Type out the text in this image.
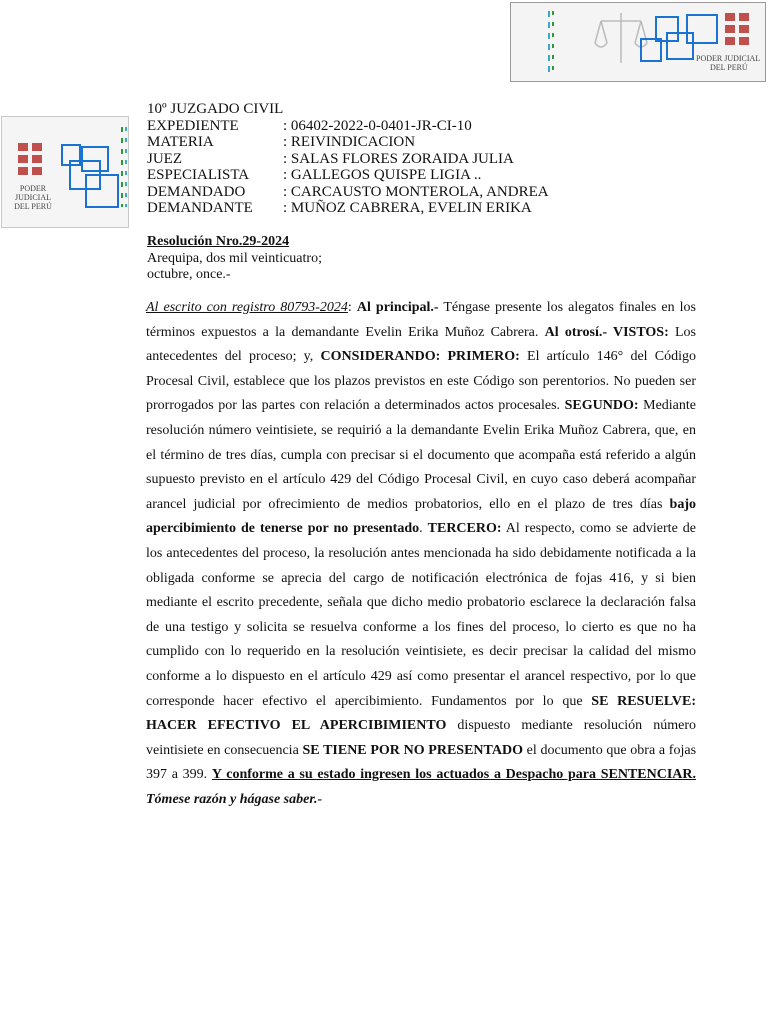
PODER JUDICIAL
DEL PERÚ
PODER JUDICIAL
DEL PERÚ
10º JUZGADO CIVIL
EXPEDIENTE	: 06402-2022-0-0401-JR-CI-10
MATERIA	: REIVINDICACION
JUEZ	: SALAS FLORES ZORAIDA JULIA
ESPECIALISTA	: GALLEGOS QUISPE LIGIA ..
DEMANDADO	: CARCAUSTO MONTEROLA, ANDREA
DEMANDANTE	: MUÑOZ CABRERA, EVELIN ERIKA
Resolución Nro.29-2024
Arequipa, dos mil veinticuatro;
octubre, once.-

Al escrito con registro 80793-2024: Al principal.- Téngase presente los alegatos finales en los términos expuestos a la demandante Evelin Erika Muñoz Cabrera. Al otrosí.- VISTOS: Los antecedentes del proceso; y, CONSIDERANDO: PRIMERO: El artículo 146° del Código Procesal Civil, establece que los plazos previstos en este Código son perentorios. No pueden ser prorrogados por las partes con relación a determinados actos procesales. SEGUNDO: Mediante resolución número veintisiete, se requirió a la demandante Evelin Erika Muñoz Cabrera, que, en el término de tres días, cumpla con precisar si el documento que acompaña está referido a algún supuesto previsto en el artículo 429 del Código Procesal Civil, en cuyo caso deberá acompañar arancel judicial por ofrecimiento de medios probatorios, ello en el plazo de tres días bajo apercibimiento de tenerse por no presentado. TERCERO: Al respecto, como se advierte de los antecedentes del proceso, la resolución antes mencionada ha sido debidamente notificada a la obligada conforme se aprecia del cargo de notificación electrónica de fojas 416, y si bien mediante el escrito precedente, señala que dicho medio probatorio esclarece la declaración falsa de una testigo y solicita se resuelva conforme a los fines del proceso, lo cierto es que no ha cumplido con lo requerido en la resolución veintisiete, es decir precisar la calidad del mismo conforme a lo dispuesto en el artículo 429 así como presentar el arancel respectivo, por lo que corresponde hacer efectivo el apercibimiento. Fundamentos por lo que SE RESUELVE: HACER EFECTIVO EL APERCIBIMIENTO dispuesto mediante resolución número veintisiete en consecuencia SE TIENE POR NO PRESENTADO el documento que obra a fojas 397 a 399. Y conforme a su estado ingresen los actuados a Despacho para SENTENCIAR. Tómese razón y hágase saber.-
